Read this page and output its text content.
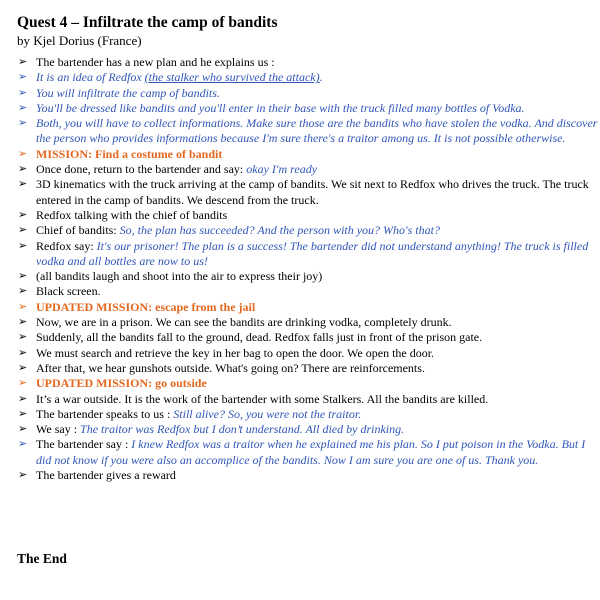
Quest 4 – Infiltrate the camp of bandits

by Kjel Dorius (France)

➢ The bartender has a new plan and he explains us :
➢ It is an idea of Redfox (the stalker who survived the attack).
➢ You will infiltrate the camp of bandits.
➢ You'll be dressed like bandits and you'll enter in their base with the truck filled many bottles of Vodka.
➢ Both, you will have to collect informations. Make sure those are the bandits who have stolen the vodka. And discover the person who provides informations because I'm sure there's a traitor among us. It is not possible otherwise.
➢ MISSION: Find a costume of bandit
➢ Once done, return to the bartender and say: okay I'm ready
➢ 3D kinematics with the truck arriving at the camp of bandits. We sit next to Redfox who drives the truck. The truck entered in the camp of bandits. We descend from the truck.
➢ Redfox talking with the chief of bandits
➢ Chief of bandits: So, the plan has succeeded? And the person with you? Who's that?
➢ Redfox say: It's our prisoner! The plan is a success! The bartender did not understand anything! The truck is filled vodka and all bottles are now to us!
➢ (all bandits laugh and shoot into the air to express their joy)
➢ Black screen.
➢ UPDATED MISSION: escape from the jail
➢ Now, we are in a prison. We can see the bandits are drinking vodka, completely drunk.
➢ Suddenly, all the bandits fall to the ground, dead. Redfox falls just in front of the prison gate.
➢ We must search and retrieve the key in her bag to open the door. We open the door.
➢ After that, we hear gunshots outside. What's going on? There are reinforcements.
➢ UPDATED MISSION: go outside
➢ It’s a war outside. It is the work of the bartender with some Stalkers. All the bandits are killed.
➢ The bartender speaks to us : Still alive? So, you were not the traitor.
➢ We say : The traitor was Redfox but I don’t understand. All died by drinking.
➢ The bartender say : I knew Redfox was a traitor when he explained me his plan. So I put poison in the Vodka. But I did not know if you were also an accomplice of the bandits. Now I am sure you are one of us. Thank you.
➢ The bartender gives a reward

The End
